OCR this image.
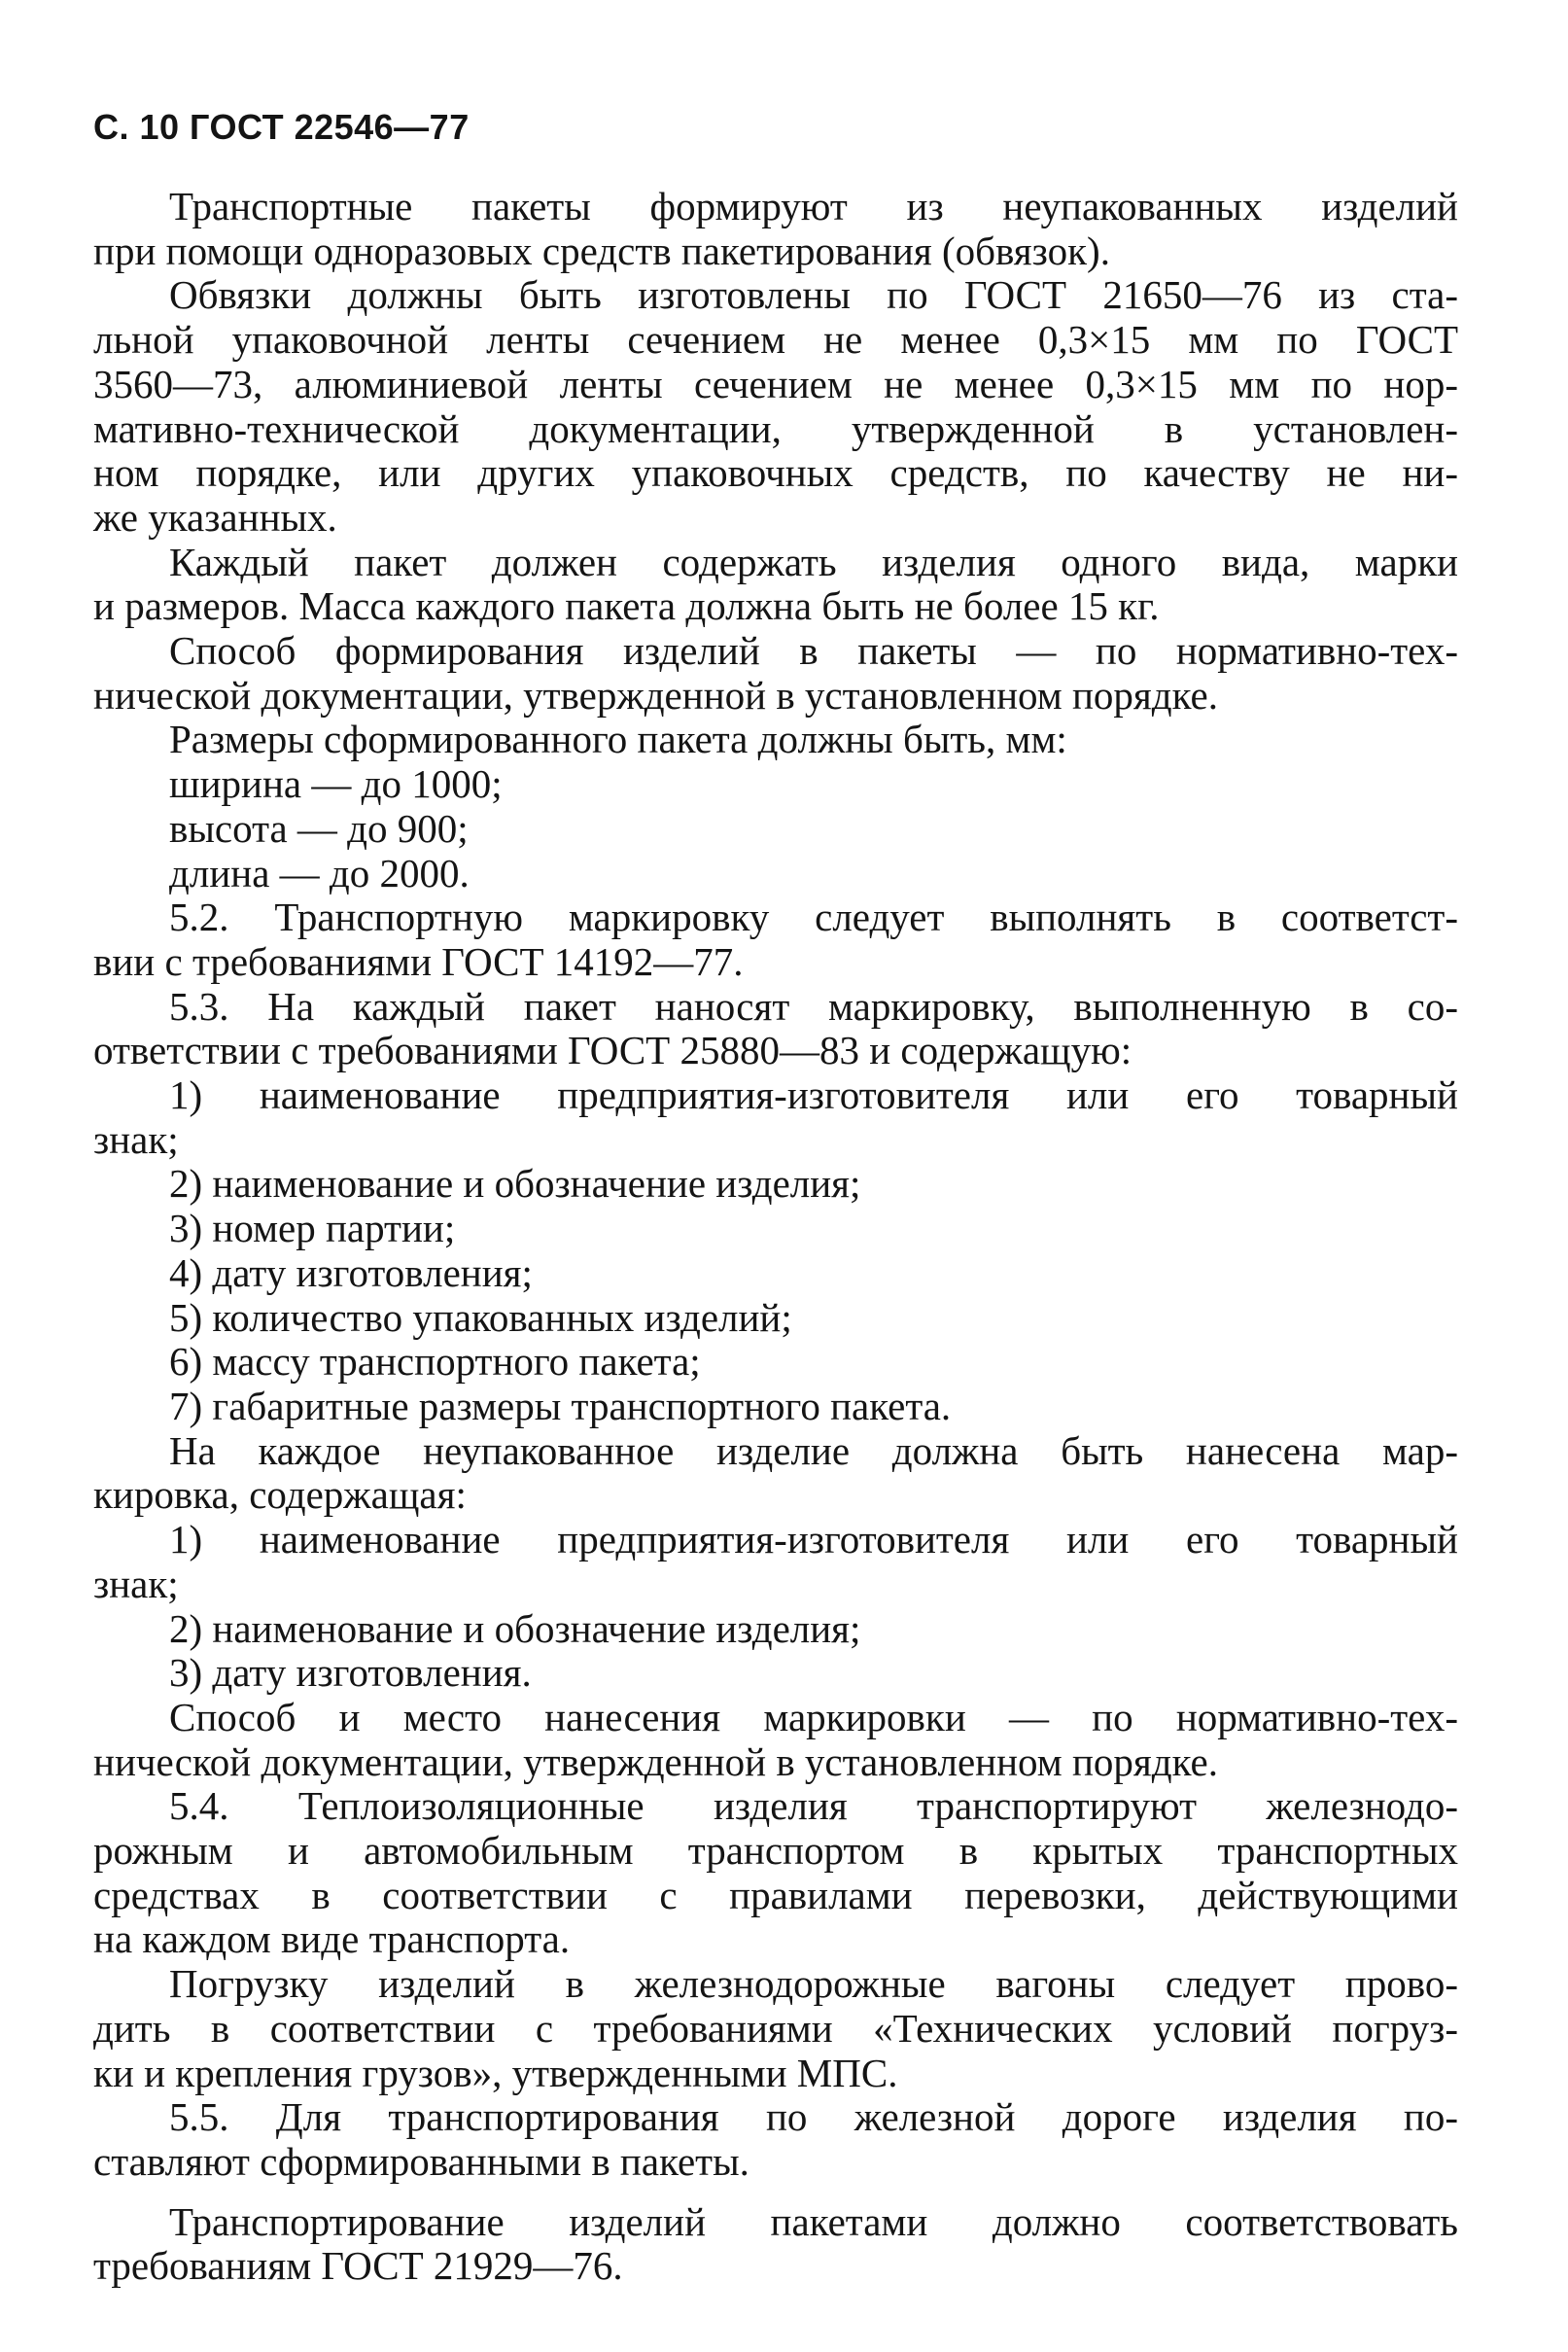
С. 10 ГОСТ 22546—77
Транспортные пакеты формируют из неупакованных изделий
при помощи одноразовых средств пакетирования (обвязок).
Обвязки должны быть изготовлены по ГОСТ 21650—76 из ста-
льной упаковочной ленты сечением не менее 0,3×15 мм по ГОСТ
3560—73, алюминиевой ленты сечением не менее 0,3×15 мм по нор-
мативно-технической документации, утвержденной в установлен-
ном порядке, или других упаковочных средств, по качеству не ни-
же указанных.
Каждый пакет должен содержать изделия одного вида, марки
и размеров. Масса каждого пакета должна быть не более 15 кг.
Способ формирования изделий в пакеты — по нормативно-тех-
нической документации, утвержденной в установленном порядке.
Размеры сформированного пакета должны быть, мм:
ширина — до 1000;
высота — до 900;
длина — до 2000.
5.2. Транспортную маркировку следует выполнять в соответст-
вии с требованиями ГОСТ 14192—77.
5.3. На каждый пакет наносят маркировку, выполненную в со-
ответствии с требованиями ГОСТ 25880—83 и содержащую:
1) наименование предприятия-изготовителя или его товарный
знак;
2) наименование и обозначение изделия;
3) номер партии;
4) дату изготовления;
5) количество упакованных изделий;
6) массу транспортного пакета;
7) габаритные размеры транспортного пакета.
На каждое неупакованное изделие должна быть нанесена мар-
кировка, содержащая:
1) наименование предприятия-изготовителя или его товарный
знак;
2) наименование и обозначение изделия;
3) дату изготовления.
Способ и место нанесения маркировки — по нормативно-тех-
нической документации, утвержденной в установленном порядке.
5.4. Теплоизоляционные изделия транспортируют железнодо-
рожным и автомобильным транспортом в крытых транспортных
средствах в соответствии с правилами перевозки, действующими
на каждом виде транспорта.
Погрузку изделий в железнодорожные вагоны следует прово-
дить в соответствии с требованиями «Технических условий погруз-
ки и крепления грузов», утвержденными МПС.
5.5. Для транспортирования по железной дороге изделия по-
ставляют сформированными в пакеты.
Транспортирование изделий пакетами должно соответствовать
требованиям ГОСТ 21929—76.
